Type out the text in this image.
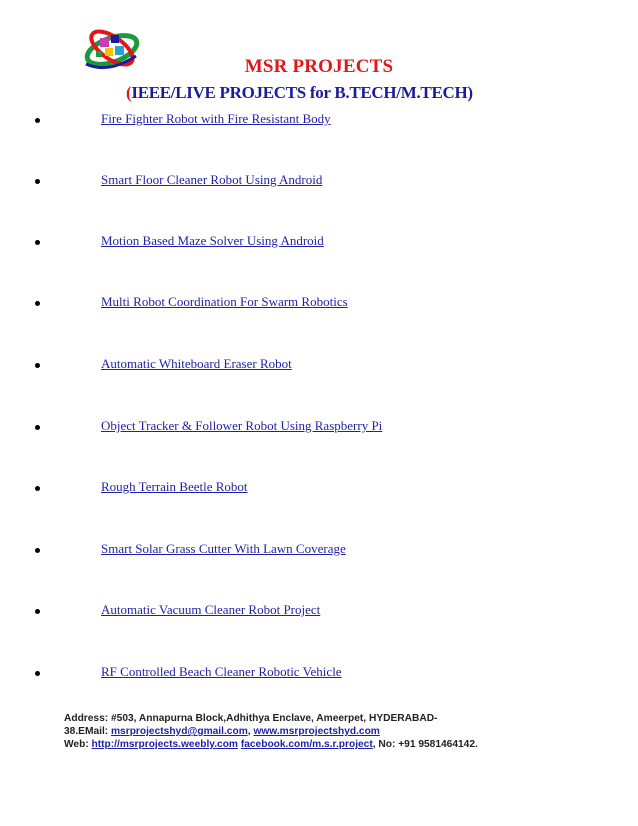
MSR PROJECTS
(IEEE/LIVE PROJECTS for B.TECH/M.TECH)
Fire Fighter Robot with Fire Resistant Body
Smart Floor Cleaner Robot Using Android
Motion Based Maze Solver Using Android
Multi Robot Coordination For Swarm Robotics
Automatic Whiteboard Eraser Robot
Object Tracker & Follower Robot Using Raspberry Pi
Rough Terrain Beetle Robot
Smart Solar Grass Cutter With Lawn Coverage
Automatic Vacuum Cleaner Robot Project
RF Controlled Beach Cleaner Robotic Vehicle
Address: #503, Annapurna Block,Adhithya Enclave, Ameerpet, HYDERABAD-
38.EMail: msrprojectshyd@gmail.com, www.msrprojectshyd.com
Web: http://msrprojects.weebly.com facebook.com/m.s.r.project, No: +91 9581464142.
